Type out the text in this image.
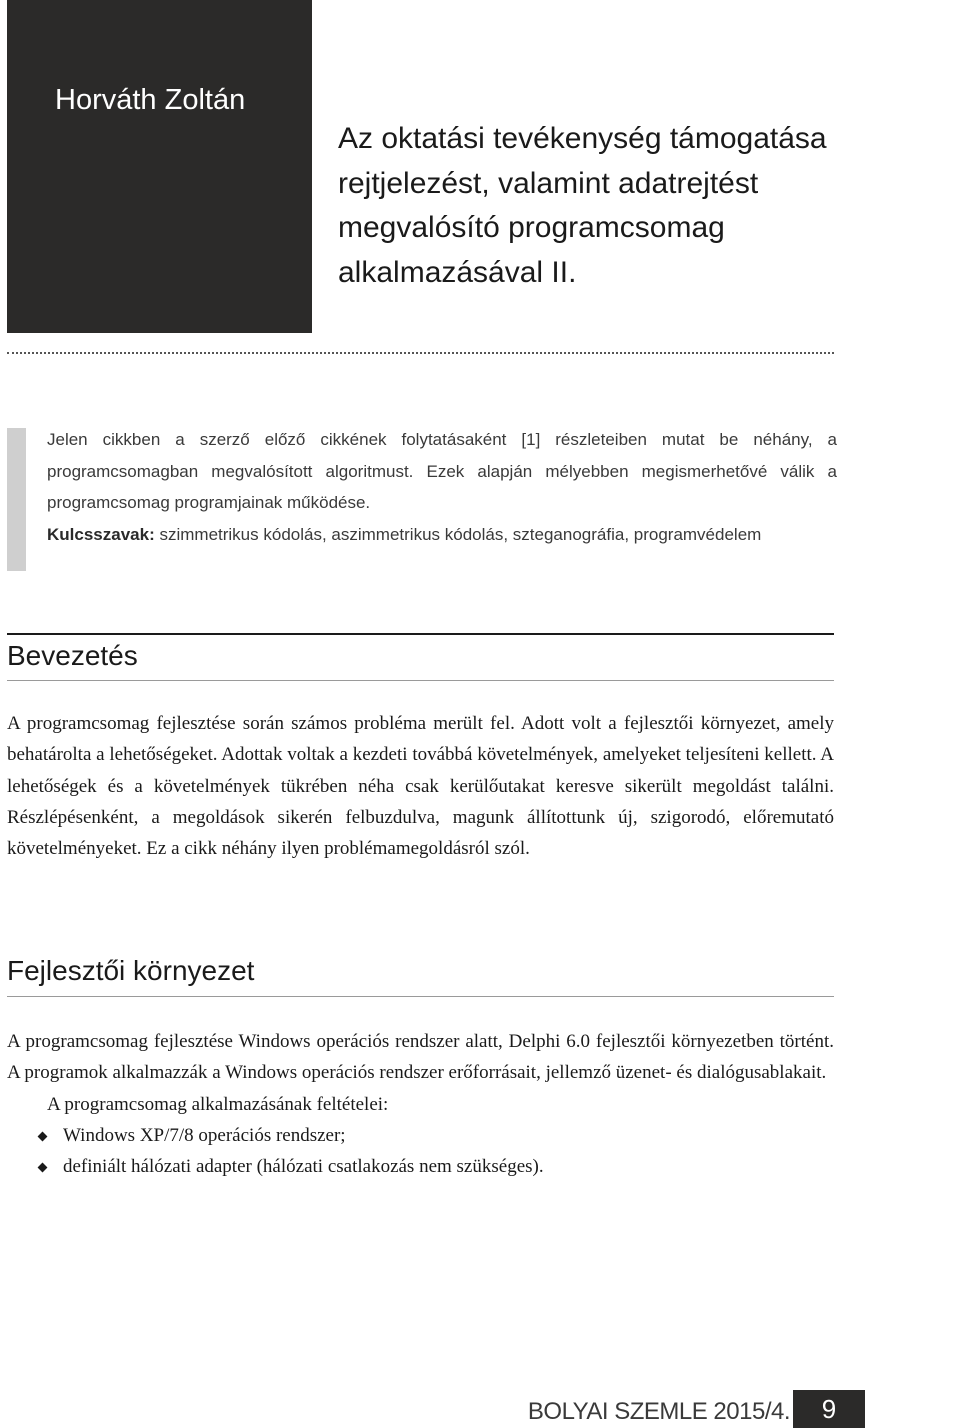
Horváth Zoltán
Az oktatási tevékenység támogatása rejtjelezést, valamint adatrejtést megvalósító programcsomag alkalmazásával II.

Jelen cikkben a szerző előző cikkének folytatásaként [1] részleteiben mutat be néhány, a programcsomagban megvalósított algoritmust. Ezek alapján mélyebben megismerhetővé válik a programcsomag programjainak működése.

Kulcsszavak: szimmetrikus kódolás, aszimmetrikus kódolás, szteganográfia, programvédelem

Bevezetés

A programcsomag fejlesztése során számos probléma merült fel. Adott volt a fejlesztői környezet, amely behatárolta a lehetőségeket. Adottak voltak a kezdeti továbbá követelmények, amelyeket teljesíteni kellett. A lehetőségek és a követelmények tükrében néha csak kerülőutakat keresve sikerült megoldást találni. Részlépésenként, a megoldások sikerén felbuzdulva, magunk állítottunk új, szigorodó, előremutató követelményeket. Ez a cikk néhány ilyen problémamegoldásról szól.

Fejlesztői környezet

A programcsomag fejlesztése Windows operációs rendszer alatt, Delphi 6.0 fejlesztői környezetben történt. A programok alkalmazzák a Windows operációs rendszer erőforrásait, jellemző üzenet- és dialógusablakait.

A programcsomag alkalmazásának feltételei:

Windows XP/7/8 operációs rendszer;
definiált hálózati adapter (hálózati csatlakozás nem szükséges).
BOLYAI SZEMLE 2015/4.	9
